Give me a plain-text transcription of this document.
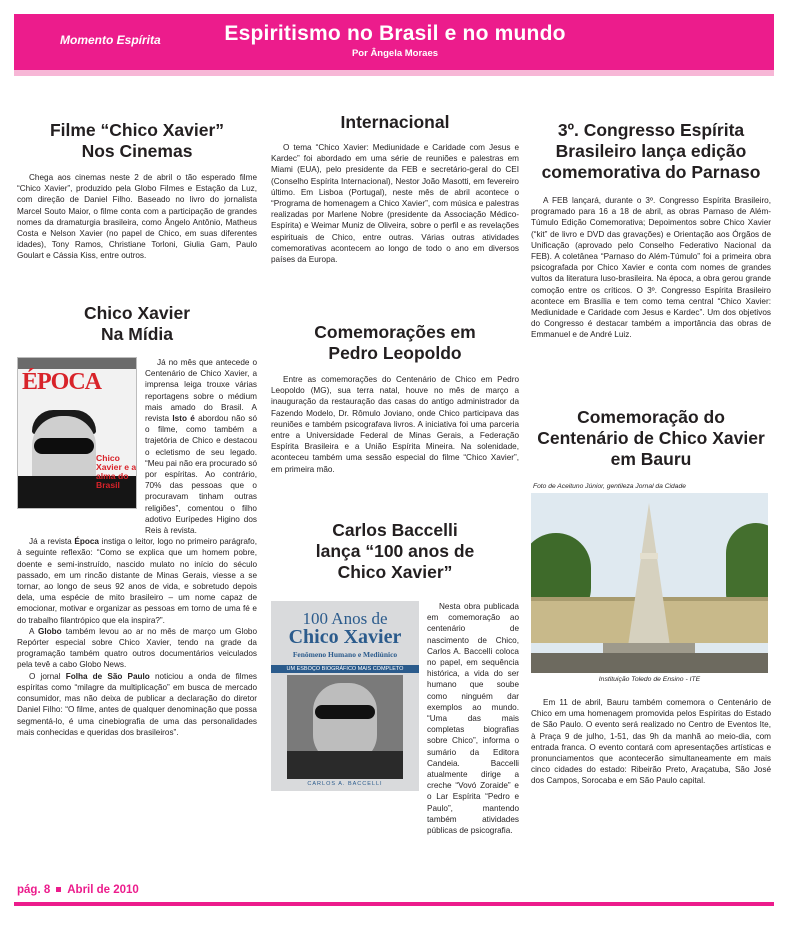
Momento Espírita	Espiritismo no Brasil e no mundo
Por Ângela Moraes
Filme “Chico Xavier”
Nos Cinemas

Chega aos cinemas neste 2 de abril o tão esperado filme “Chico Xavier”, produzido pela Globo Filmes e Estação da Luz, com direção de Daniel Filho. Baseado no livro do jornalista Marcel Souto Maior, o filme conta com a participação de grandes nomes da dramaturgia brasileira, como Ângelo Antônio, Matheus Costa e Nelson Xavier (no papel de Chico, em suas diferentes idades), Tony Ramos, Christiane Torloni, Giulia Gam, Paulo Goulart e Cássia Kiss, entre outros.

Chico Xavier
Na Mídia
ÉPOCA
Chico Xavier e a alma do Brasil

Já no mês que antecede o Centenário de Chico Xavier, a imprensa leiga trouxe várias reportagens sobre o médium mais amado do Brasil. A revista Isto é abordou não só o filme, como também a trajetória de Chico e destacou o ecletismo de seu legado. “Meu pai não era procurado só por espíritas. Ao contrário, 70% das pessoas que o procuravam tinham outras religiões”, comentou o filho adotivo Eurípedes Higino dos Reis à revista.

Já a revista Época instiga o leitor, logo no primeiro parágrafo, à seguinte reflexão: “Como se explica que um homem pobre, doente e semi-instruído, nascido mulato no início do século passado, em um rincão distante de Minas Gerais, viesse a se tornar, ao longo de seus 92 anos de vida, e sobretudo depois dela, uma espécie de mito brasileiro – um nome capaz de emocionar, motivar e organizar as pessoas em torno de uma fé e do trabalho filantrópico que ela inspira?”.

A Globo também levou ao ar no mês de março um Globo Repórter especial sobre Chico Xavier, tendo na grade da programação também quatro outros documentários veiculados pela tevê a cabo Globo News.

O jornal Folha de São Paulo noticiou a onda de filmes espíritas como “milagre da multiplicação” em busca de mercado consumidor, mas não deixa de publicar a declaração do diretor Daniel Filho: “O filme, antes de qualquer denominação que possa segmentá-lo, é uma cinebiografia de uma das personalidades mais conhecidas e queridas dos brasileiros”.

Internacional

O tema “Chico Xavier: Mediunidade e Caridade com Jesus e Kardec” foi abordado em uma série de reuniões e palestras em Miami (EUA), pelo presidente da FEB e secretário-geral do CEI (Conselho Espírita Internacional), Nestor João Masotti, em fevereiro último. Em Lisboa (Portugal), neste mês de abril acontece o “Programa de homenagem a Chico Xavier”, com música e palestras realizadas por Marlene Nobre (presidente da Associação Médico-Espírita) e Weimar Muniz de Oliveira, sobre o perfil e as revelações espirituais de Chico, entre outras. Várias outras atividades comemorativas acontecem ao longo de todo o ano em diversos países da Europa.

Comemorações em
Pedro Leopoldo

Entre as comemorações do Centenário de Chico em Pedro Leopoldo (MG), sua terra natal, houve no mês de março a inauguração da restauração das casas do antigo administrador da Fazendo Modelo, Dr. Rômulo Joviano, onde Chico participava das reuniões e também psicografava livros. A iniciativa foi uma parceria entre a Universidade Federal de Minas Gerais, a Federação Espírita Brasileira e a União Espírita Mineira. Na solenidade, aconteceu também uma sessão especial do filme “Chico Xavier”, em primeira mão.

Carlos Baccelli
lança “100 anos de
Chico Xavier”
100 Anos de
Chico Xavier
Fenômeno Humano e Mediúnico
UM ESBOÇO BIOGRÁFICO MAIS COMPLETO
CARLOS A. BACCELLI

Nesta obra publicada em comemoração ao centenário de nascimento de Chico, Carlos A. Baccelli coloca no papel, em sequência histórica, a vida do ser humano que soube como ninguém dar exemplos ao mundo. “Uma das mais completas biografias sobre Chico”, informa o sumário da Editora Candeia. Baccelli atualmente dirige a creche “Vovó Zoraide” e o Lar Espírita “Pedro e Paulo”, mantendo também atividades públicas de psicografia.

3º. Congresso Espírita
Brasileiro lança edição
comemorativa do Parnaso

A FEB lançará, durante o 3º. Congresso Espírita Brasileiro, programado para 16 a 18 de abril, as obras Parnaso de Além-Túmulo Edição Comemorativa; Depoimentos sobre Chico Xavier (“kit” de livro e DVD das gravações) e Orientação aos Órgãos de Unificação (aprovado pelo Conselho Federativo Nacional da FEB). A coletânea “Parnaso do Além-Túmulo” foi a primeira obra psicografada por Chico Xavier e conta com nomes de grandes vultos da literatura luso-brasileira. Na época, a obra gerou grande comoção entre os críticos. O 3º. Congresso Espírita Brasileiro acontece em Brasília e tem como tema central “Chico Xavier: Mediunidade e Caridade com Jesus e Kardec”. Um dos objetivos do Congresso é destacar também a importância das obras de Emmanuel e de André Luiz.

Comemoração do
Centenário de Chico Xavier
em Bauru
Foto de Aceituno Júnior, gentileza Jornal da Cidade
Instituição Toledo de Ensino - ITE

Em 11 de abril, Bauru também comemora o Centenário de Chico em uma homenagem promovida pelos Espíritas do Estado de São Paulo. O evento será realizado no Centro de Eventos Ite, à Praça 9 de julho, 1-51, das 9h da manhã ao meio-dia, com entrada franca. O evento contará com apresentações artísticas e pronunciamentos que acontecerão simultaneamente em mais cinco cidades do estado: Ribeirão Preto, Araçatuba, São José dos Campos, Sorocaba e em São Paulo capital.

pág. 8 Abril de 2010
